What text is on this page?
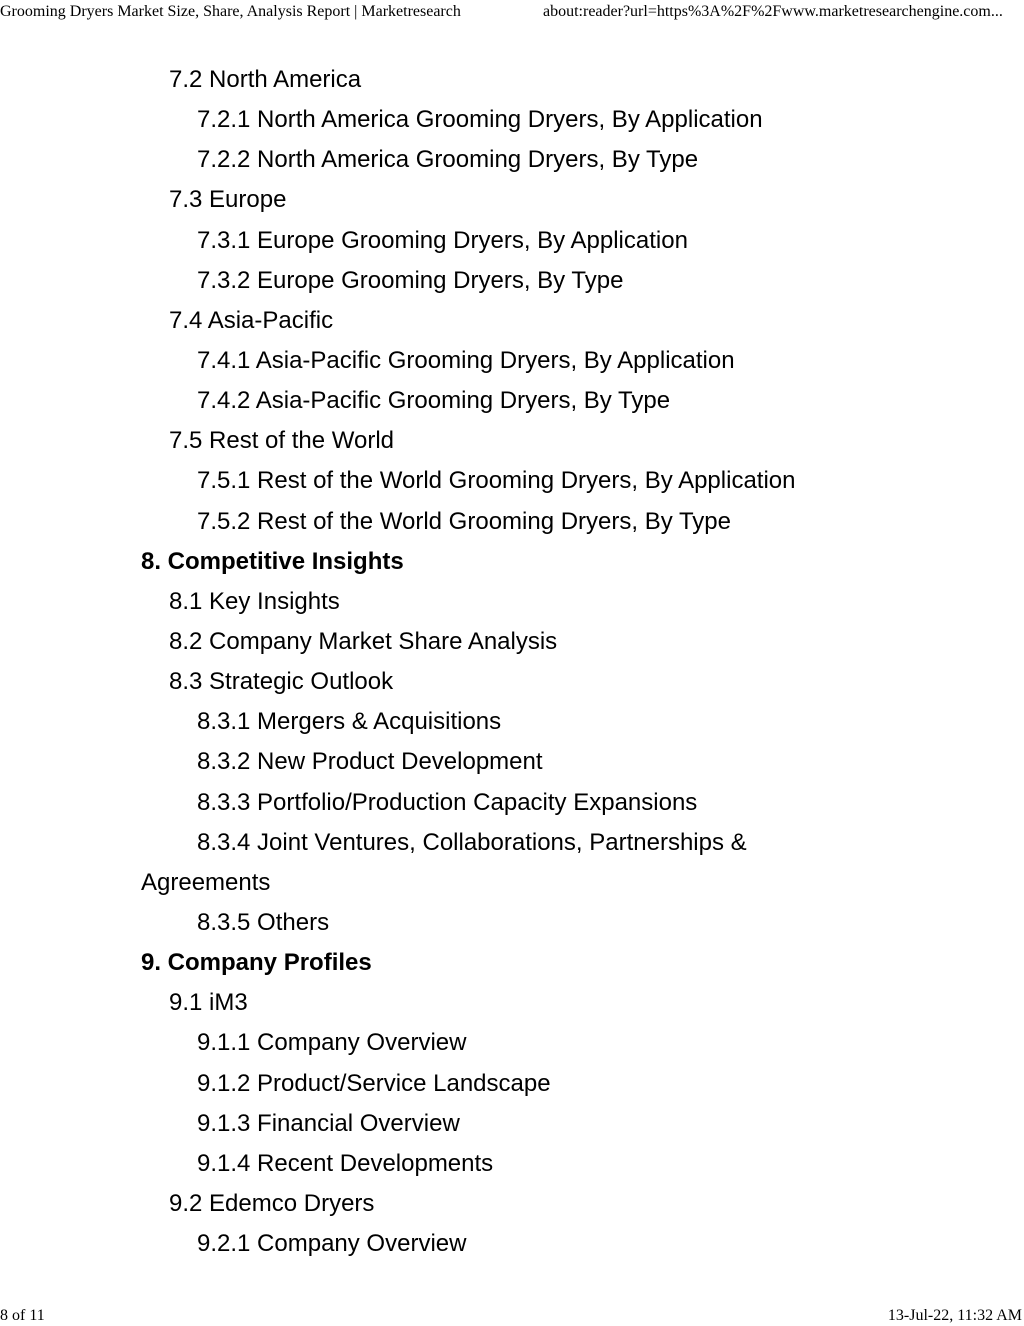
Grooming Dryers Market Size, Share, Analysis Report | Marketresearch	about:reader?url=https%3A%2F%2Fwww.marketresearchengine.com...
7.2 North America
7.2.1 North America Grooming Dryers, By Application
7.2.2 North America Grooming Dryers, By Type
7.3 Europe
7.3.1 Europe Grooming Dryers, By Application
7.3.2 Europe Grooming Dryers, By Type
7.4 Asia-Pacific
7.4.1 Asia-Pacific Grooming Dryers, By Application
7.4.2 Asia-Pacific Grooming Dryers, By Type
7.5 Rest of the World
7.5.1 Rest of the World Grooming Dryers, By Application
7.5.2 Rest of the World Grooming Dryers, By Type
8. Competitive Insights
8.1 Key Insights
8.2 Company Market Share Analysis
8.3 Strategic Outlook
8.3.1 Mergers & Acquisitions
8.3.2 New Product Development
8.3.3 Portfolio/Production Capacity Expansions
8.3.4 Joint Ventures, Collaborations, Partnerships &
Agreements
8.3.5 Others
9. Company Profiles
9.1 iM3
9.1.1 Company Overview
9.1.2 Product/Service Landscape
9.1.3 Financial Overview
9.1.4 Recent Developments
9.2 Edemco Dryers
9.2.1 Company Overview
8 of 11	13-Jul-22, 11:32 AM
